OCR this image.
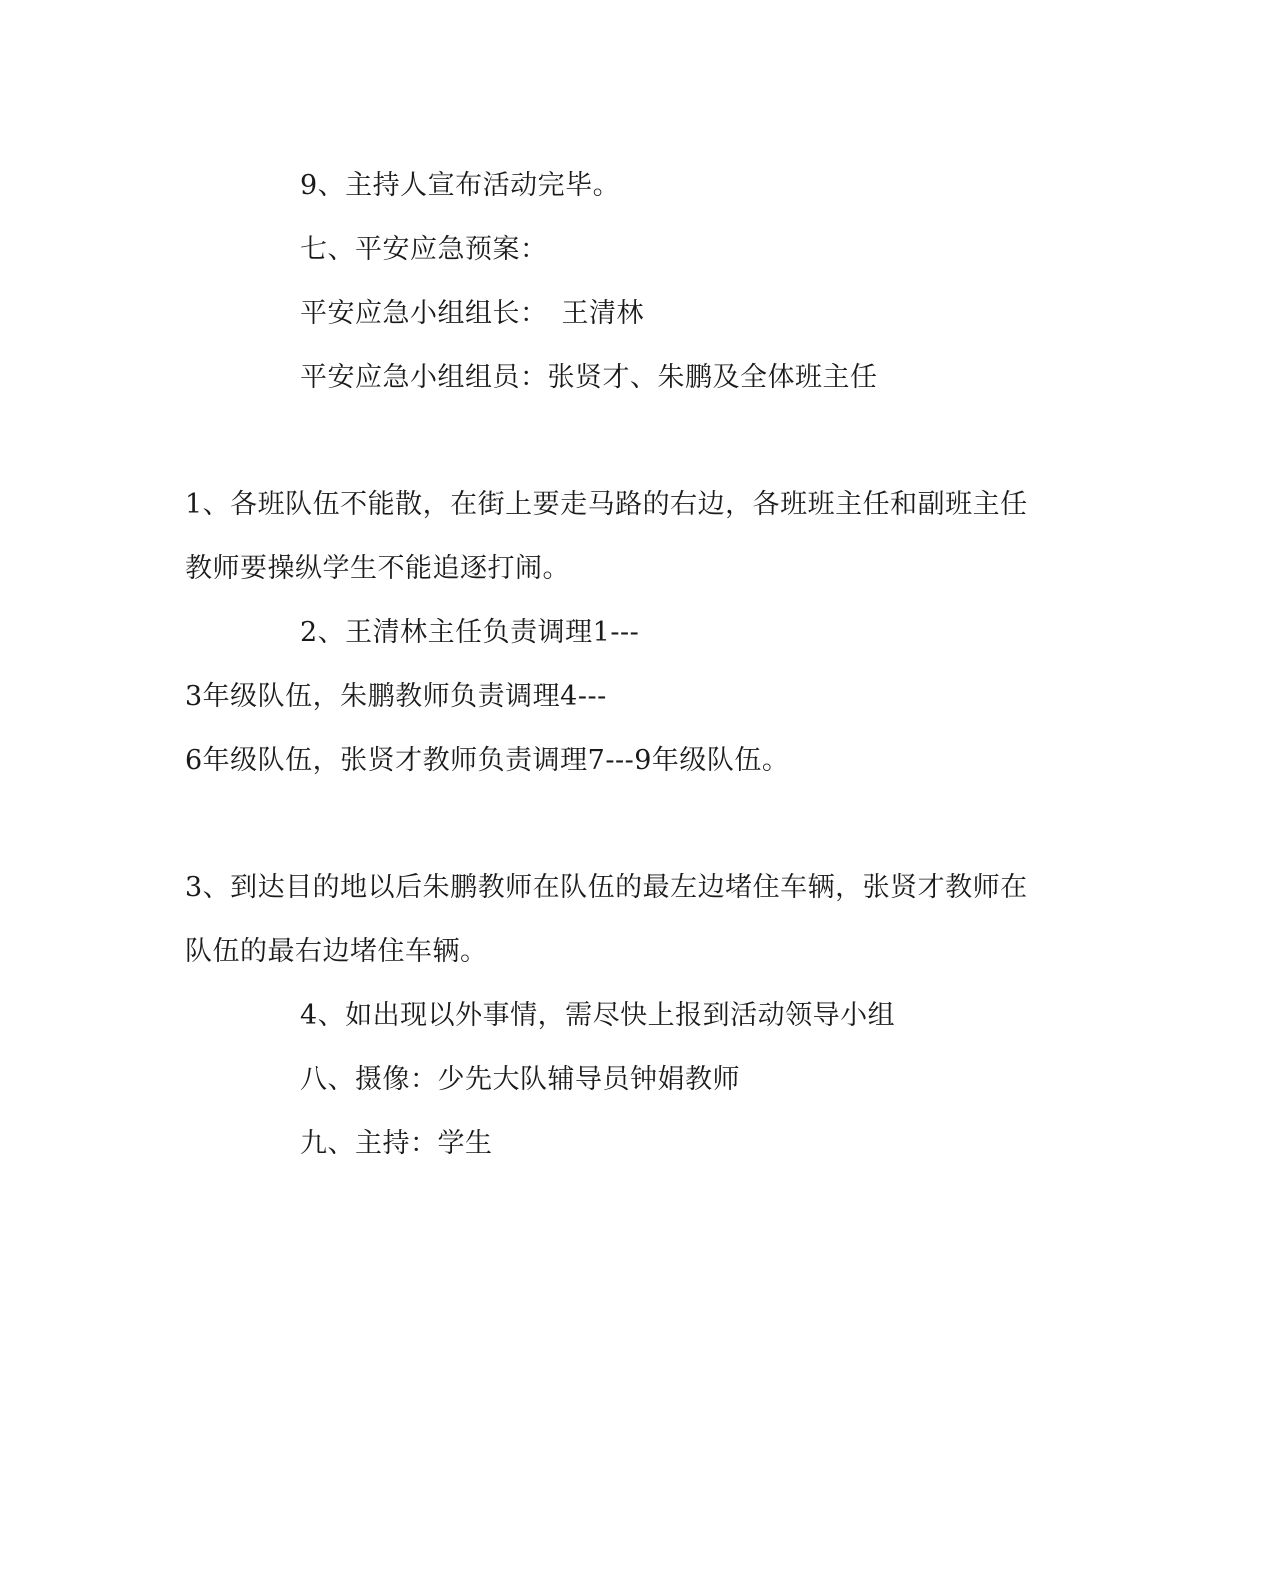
9、主持人宣布活动完毕。
七、平安应急预案：
平安应急小组组长：　王清林
平安应急小组组员：张贤才、朱鹏及全体班主任
1、各班队伍不能散，在街上要走马路的右边，各班班主任和副班主任
教师要操纵学生不能追逐打闹。
2、王清林主任负责调理1---
3年级队伍，朱鹏教师负责调理4---
6年级队伍，张贤才教师负责调理7---9年级队伍。
3、到达目的地以后朱鹏教师在队伍的最左边堵住车辆，张贤才教师在
队伍的最右边堵住车辆。
4、如出现以外事情，需尽快上报到活动领导小组
八、摄像：少先大队辅导员钟娟教师
九、主持：学生
